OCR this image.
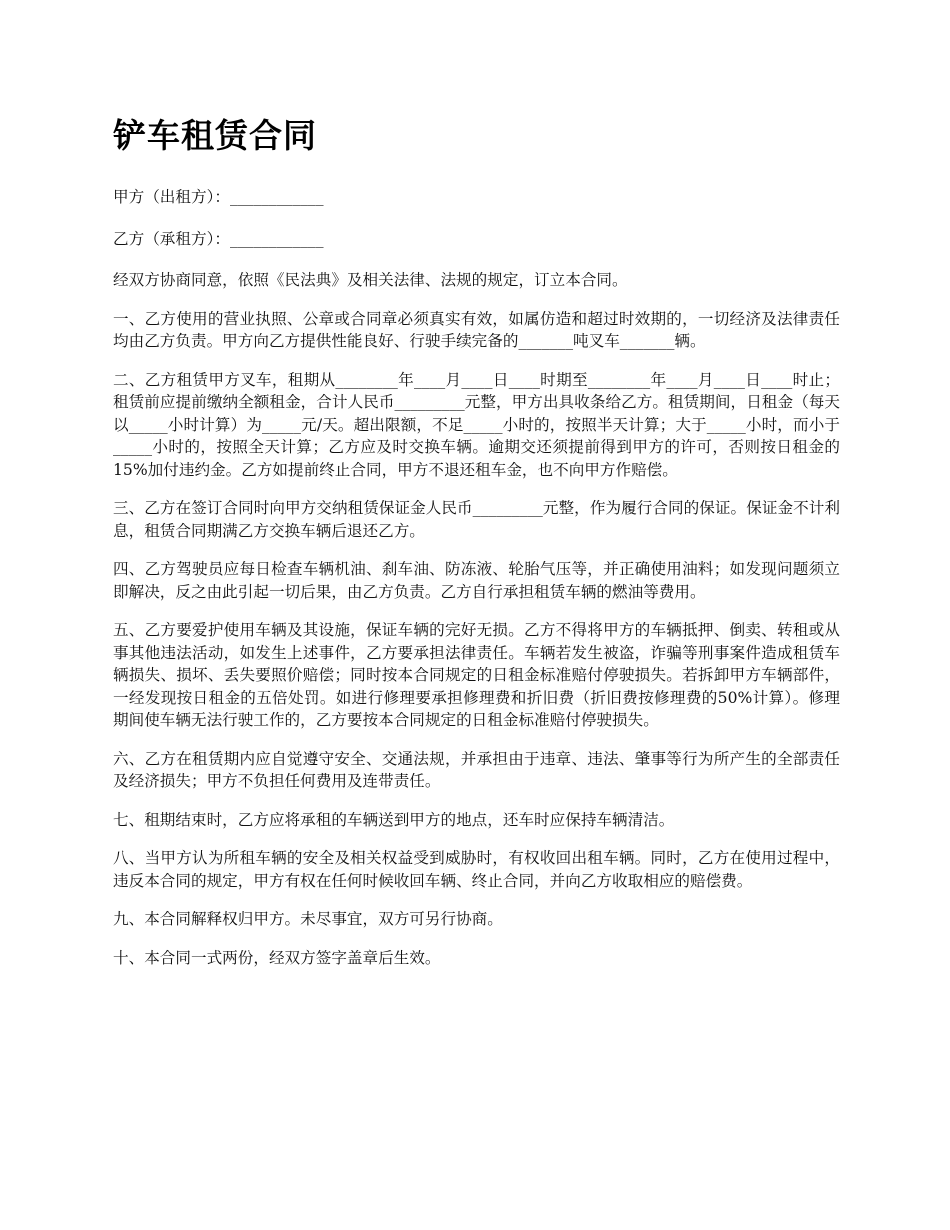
铲车租赁合同

甲方（出租方）：____________

乙方（承租方）：____________

经双方协商同意，依照《民法典》及相关法律、法规的规定，订立本合同。

一、乙方使用的营业执照、公章或合同章必须真实有效，如属仿造和超过时效期的，一切经济及法律责任均由乙方负责。甲方向乙方提供性能良好、行驶手续完备的_______吨叉车_______辆。

二、乙方租赁甲方叉车，租期从________年____月____日____时期至________年____月____日____时止；租赁前应提前缴纳全额租金，合计人民币_________元整，甲方出具收条给乙方。租赁期间，日租金（每天以_____小时计算）为_____元/天。超出限额，不足_____小时的，按照半天计算；大于_____小时，而小于_____小时的，按照全天计算；乙方应及时交换车辆。逾期交还须提前得到甲方的许可，否则按日租金的15%加付违约金。乙方如提前终止合同，甲方不退还租车金，也不向甲方作赔偿。

三、乙方在签订合同时向甲方交纳租赁保证金人民币_________元整，作为履行合同的保证。保证金不计利息，租赁合同期满乙方交换车辆后退还乙方。

四、乙方驾驶员应每日检查车辆机油、刹车油、防冻液、轮胎气压等，并正确使用油料；如发现问题须立即解决，反之由此引起一切后果，由乙方负责。乙方自行承担租赁车辆的燃油等费用。

五、乙方要爱护使用车辆及其设施，保证车辆的完好无损。乙方不得将甲方的车辆抵押、倒卖、转租或从事其他违法活动，如发生上述事件，乙方要承担法律责任。车辆若发生被盗，诈骗等刑事案件造成租赁车辆损失、损坏、丢失要照价赔偿；同时按本合同规定的日租金标准赔付停驶损失。若拆卸甲方车辆部件，一经发现按日租金的五倍处罚。如进行修理要承担修理费和折旧费（折旧费按修理费的50%计算）。修理期间使车辆无法行驶工作的，乙方要按本合同规定的日租金标准赔付停驶损失。

六、乙方在租赁期内应自觉遵守安全、交通法规，并承担由于违章、违法、肇事等行为所产生的全部责任及经济损失；甲方不负担任何费用及连带责任。

七、租期结束时，乙方应将承租的车辆送到甲方的地点，还车时应保持车辆清洁。

八、当甲方认为所租车辆的安全及相关权益受到威胁时，有权收回出租车辆。同时，乙方在使用过程中，违反本合同的规定，甲方有权在任何时候收回车辆、终止合同，并向乙方收取相应的赔偿费。

九、本合同解释权归甲方。未尽事宜，双方可另行协商。

十、本合同一式两份，经双方签字盖章后生效。
